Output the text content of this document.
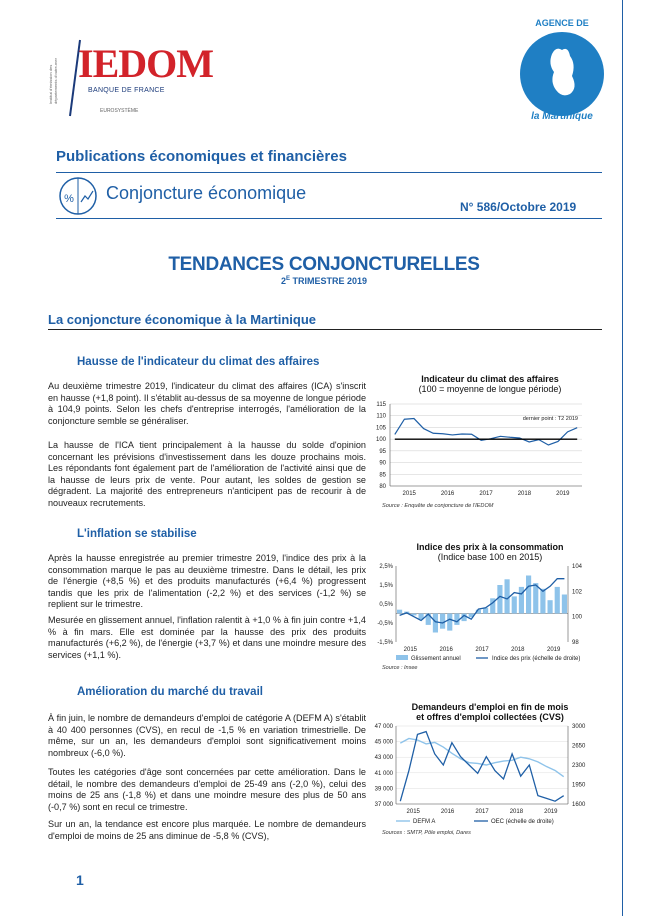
Institut d'émission des départements d'outre-mer IEDOM
BANQUE DE FRANCE
EUROSYSTÈME
AGENCE DE
la Martinique
Publications économiques et financières
% Conjoncture économique
N° 586/Octobre 2019
TENDANCES CONJONCTURELLES
$2^E$ TRIMESTRE 2019
La conjoncture économique à la Martinique
Hausse de l'indicateur du climat des affaires
Au deuxième trimestre 2019, l'indicateur du climat des affaires (ICA) s'inscrit en hausse (+1,8 point). Il s'établit au-dessus de sa moyenne de longue période à 104,9 points. Selon les chefs d'entreprise interrogés, l'amélioration de la conjoncture semble se généraliser.
La hausse de l'ICA tient principalement à la hausse du solde d'opinion concernant les prévisions d'investissement dans les douze prochains mois. Les répondants font également part de l'amélioration de l'activité ainsi que de la hausse de leurs prix de vente. Pour autant, les soldes de gestion se dégradent. La majorité des entrepreneurs n'anticipent pas de recourir à de nouveaux recrutements.
L'inflation se stabilise
Après la hausse enregistrée au premier trimestre 2019, l'indice des prix à la consommation marque le pas au deuxième trimestre. Dans le détail, les prix de l'énergie (+8,5 %) et des produits manufacturés (+6,4 %) progressent tandis que les prix de l'alimentation (-2,2 %) et des services (-1,2 %) se replient sur le trimestre.
Mesurée en glissement annuel, l'inflation ralentit à +1,0 % à fin juin contre +1,4 % à fin mars. Elle est dominée par la hausse des prix des produits manufacturés (+6,2 %), de l'énergie (+3,7 %) et dans une moindre mesure des services (+1,1 %).
Amélioration du marché du travail
À fin juin, le nombre de demandeurs d'emploi de catégorie A (DEFM A) s'établit à 40 400 personnes (CVS), en recul de -1,5 % en variation trimestrielle. De même, sur un an, les demandeurs d'emploi sont significativement moins nombreux (-6,0 %).
Toutes les catégories d'âge sont concernées par cette amélioration. Dans le détail, le nombre des demandeurs d'emploi de 25-49 ans (-2,0 %), celui des moins de 25 ans (-1,8 %) et dans une moindre mesure des plus de 50 ans (-0,7 %) sont en recul ce trimestre.
Sur un an, la tendance est encore plus marquée. Le nombre de demandeurs d'emploi de moins de 25 ans diminue de -5,8 % (CVS),
Indicateur du climat des affaires
(100 = moyenne de longue période)
80
85
90
95
100
105
110
115
2015	2016	2017	2018	2019
dernier point : T2 2019
Source : Enquête de conjoncture de l'IEDOM
Indice des prix à la consommation
(Indice base 100 en 2015)
2,5%
1,5%
0,5%
-0,5%
-1,5%
104
102
100
98
2015	2016	2017	2018	2019
Glissement annuel	Indice des prix (échelle de droite)
Source : Insee
Demandeurs d'emploi en fin de mois
et offres d'emploi collectées (CVS)
47 000
45 000
43 000
41 000
39 000
37 000
3000
2650
2300
1950
1600
2015	2016	2017	2018	2019
DEFM A	OEC (échelle de droite)
Sources : SMTP, Pôle emploi, Dares
1
